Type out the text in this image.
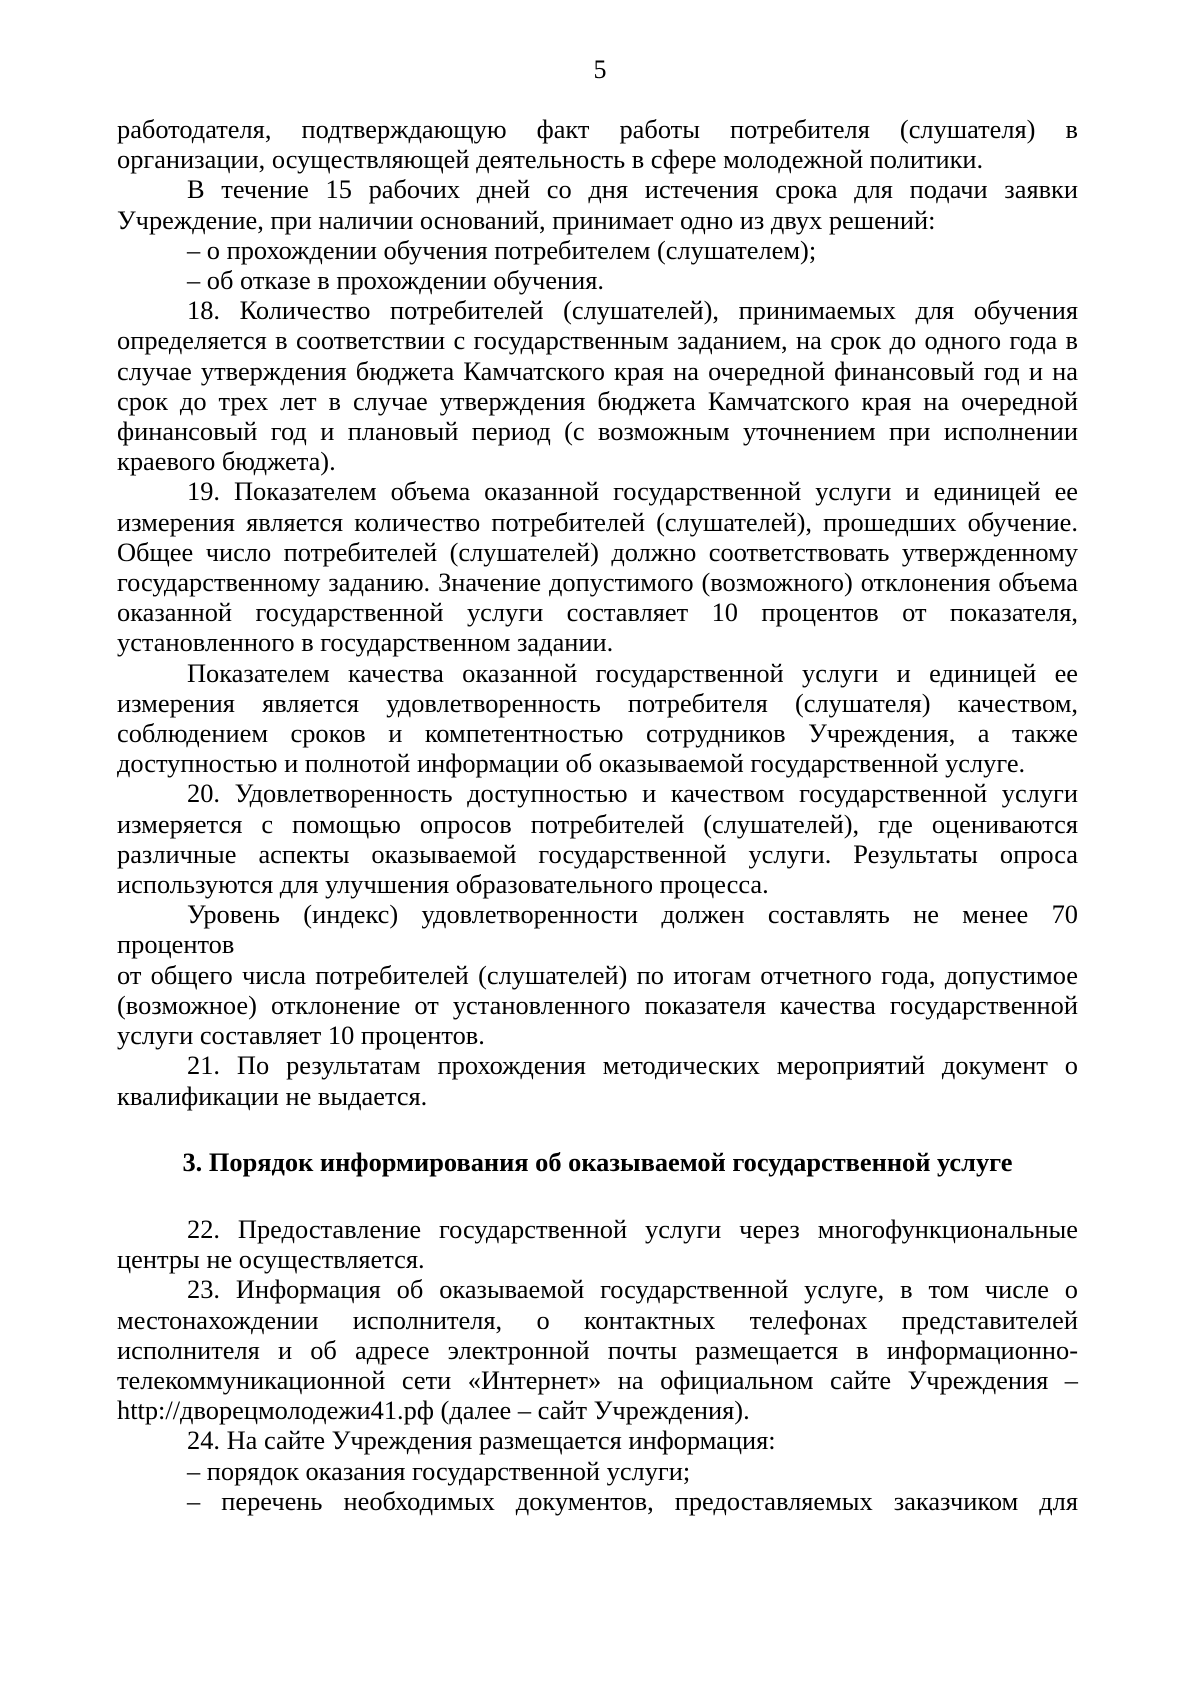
5

работодателя, подтверждающую факт работы потребителя (слушателя) в

организации, осуществляющей деятельность в сфере молодежной политики.

В течение 15 рабочих дней со дня истечения срока для подачи заявки

Учреждение, при наличии оснований, принимает одно из двух решений:

– о прохождении обучения потребителем (слушателем);

– об отказе в прохождении обучения.

18. Количество потребителей (слушателей), принимаемых для обучения

определяется в соответствии с государственным заданием, на срок до одного года в

случае утверждения бюджета Камчатского края на очередной финансовый год и на

срок до трех лет в случае утверждения бюджета Камчатского края на очередной

финансовый год и плановый период (с возможным уточнением при исполнении

краевого бюджета).

19. Показателем объема оказанной государственной услуги и единицей ее

измерения является количество потребителей (слушателей), прошедших обучение.

Общее число потребителей (слушателей) должно соответствовать утвержденному

государственному заданию. Значение допустимого (возможного) отклонения объема

оказанной государственной услуги составляет 10 процентов от показателя,

установленного в государственном задании.

Показателем качества оказанной государственной услуги и единицей ее

измерения является удовлетворенность потребителя (слушателя) качеством,

соблюдением сроков и компетентностью сотрудников Учреждения, а также

доступностью и полнотой информации об оказываемой государственной услуге.

20. Удовлетворенность доступностью и качеством государственной услуги

измеряется с помощью опросов потребителей (слушателей), где оцениваются

различные аспекты оказываемой государственной услуги. Результаты опроса

используются для улучшения образовательного процесса.

Уровень (индекс) удовлетворенности должен составлять не менее 70 процентов

от общего числа потребителей (слушателей) по итогам отчетного года, допустимое

(возможное) отклонение от установленного показателя качества государственной

услуги составляет 10 процентов.

21. По результатам прохождения методических мероприятий документ о

квалификации не выдается.

3. Порядок информирования об оказываемой государственной услуге

22. Предоставление государственной услуги через многофункциональные

центры не осуществляется.

23. Информация об оказываемой государственной услуге, в том числе о

местонахождении исполнителя, о контактных телефонах представителей

исполнителя и об адресе электронной почты размещается в информационно-

телекоммуникационной сети «Интернет» на официальном сайте Учреждения –

http://дворецмолодежи41.рф (далее – сайт Учреждения).

24. На сайте Учреждения размещается информация:

– порядок оказания государственной услуги;

– перечень необходимых документов, предоставляемых заказчиком для
